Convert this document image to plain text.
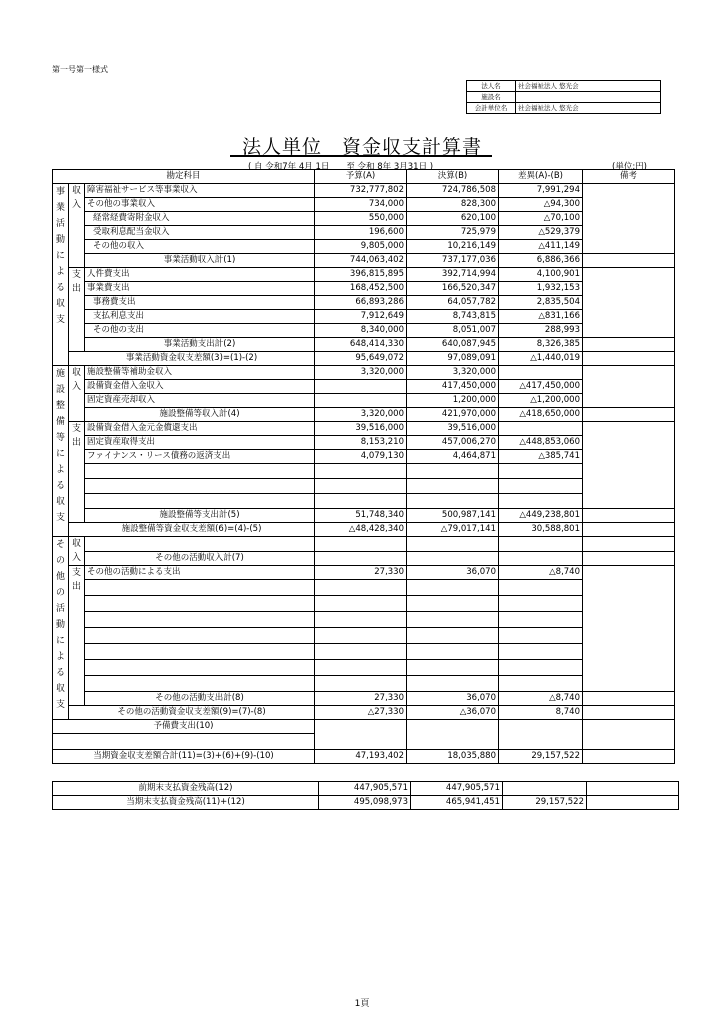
第一号第一様式
法人名	社会福祉法人 悠光会
施設名	
会計単位名	社会福祉法人 悠光会
法人単位　資金収支計算書
( 自 令和7年 4月 1日　　至 令和 8年 3月31日 )	(単位:円)
勘定科目			予算(A)	決算(B)	差異(A)-(B)	備考
事業活動による収支	収入	障害福祉サービス等事業収入	732,777,802	724,786,508	7,991,294	
		その他の事業収入	734,000	828,300	△94,300	
		経常経費寄附金収入	550,000	620,100	△70,100	
		受取利息配当金収入	196,600	725,979	△529,379	
		その他の収入	9,805,000	10,216,149	△411,149	
		事業活動収入計(1)	744,063,402	737,177,036	6,886,366	
	支出	人件費支出	396,815,895	392,714,994	4,100,901	
		事業費支出	168,452,500	166,520,347	1,932,153	
		事務費支出	66,893,286	64,057,782	2,835,504	
		支払利息支出	7,912,649	8,743,815	△831,166	
		その他の支出	8,340,000	8,051,007	288,993	
		事業活動支出計(2)	648,414,330	640,087,945	8,326,385	
	事業活動資金収支差額(3)=(1)-(2)		95,649,072	97,089,091	△1,440,019	
施設整備等による収支	収入	施設整備等補助金収入	3,320,000	3,320,000		
		設備資金借入金収入		417,450,000	△417,450,000	
		固定資産売却収入		1,200,000	△1,200,000	
		施設整備等収入計(4)	3,320,000	421,970,000	△418,650,000	
	支出	設備資金借入金元金償還支出	39,516,000	39,516,000		
		固定資産取得支出	8,153,210	457,006,270	△448,853,060	
		ファイナンス・リース債務の返済支出	4,079,130	4,464,871	△385,741	

		施設整備等支出計(5)	51,748,340	500,987,141	△449,238,801	
	施設整備等資金収支差額(6)=(4)-(5)		△48,428,340	△79,017,141	30,588,801	
その他の活動による収支	収入					
		その他の活動収入計(7)				
	支出	その他の活動による支出	27,330	36,070	△8,740	

		その他の活動支出計(8)	27,330	36,070	△8,740	
	その他の活動資金収支差額(9)=(7)-(8)		△27,330	△36,070	8,740	
予備費支出(10)						

当期資金収支差額合計(11)=(3)+(6)+(9)-(10)			47,193,402	18,035,880	29,157,522	
前期末支払資金残高(12)	447,905,571	447,905,571		
当期末支払資金残高(11)+(12)	495,098,973	465,941,451	29,157,522	
1頁
